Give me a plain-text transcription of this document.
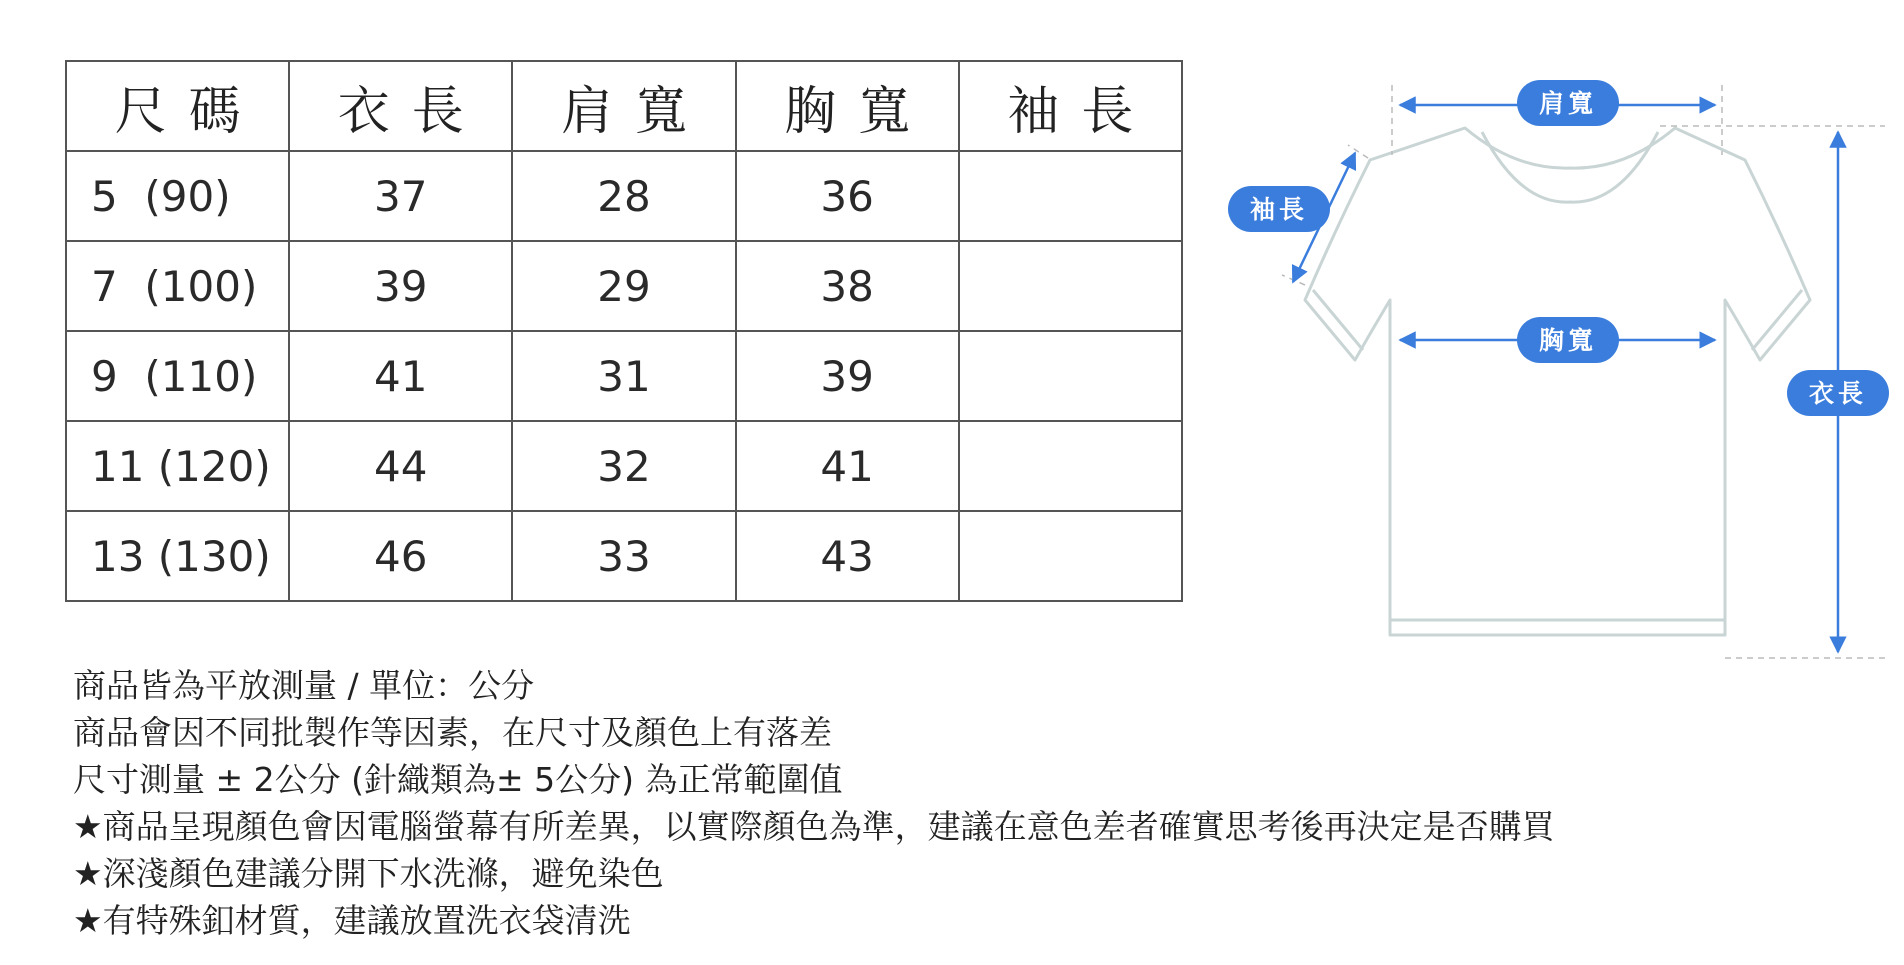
尺碼	衣長	肩寬	胸寬	袖長
5  (90)	37	28	36	
7  (100)	39	29	38	
9  (110)	41	31	39	
11 (120)	44	32	41	
13 (130)	46	33	43	
商品皆為平放測量 / 單位：公分
商品會因不同批製作等因素，在尺寸及顏色上有落差
尺寸測量 ± 2公分 (針織類為± 5公分) 為正常範圍值
★商品呈現顏色會因電腦螢幕有所差異，以實際顏色為準，建議在意色差者確實思考後再決定是否購買
★深淺顏色建議分開下水洗滌，避免染色
★有特殊釦材質，建議放置洗衣袋清洗
肩寬
袖長
胸寬
衣長
